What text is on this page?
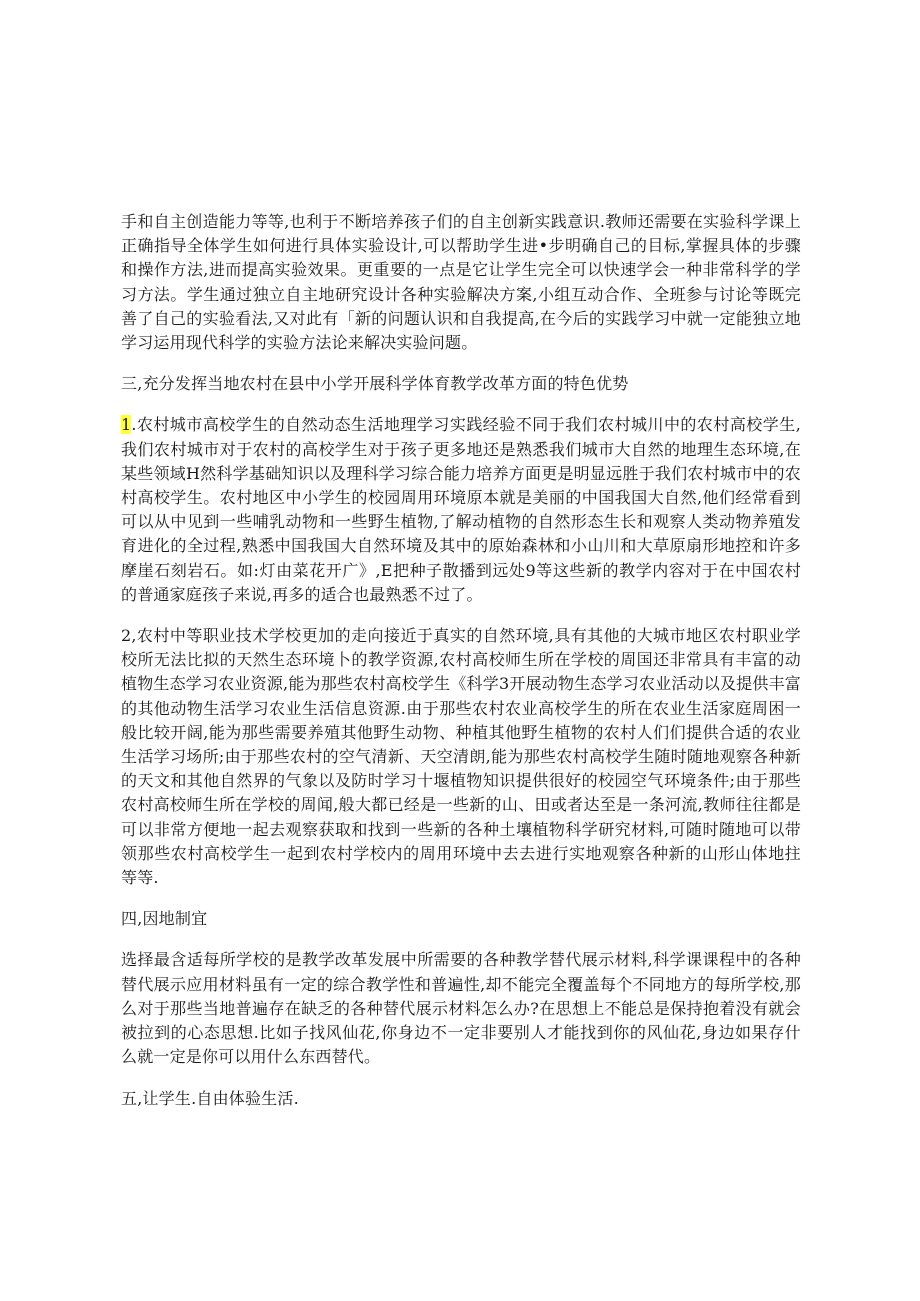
手和自主创造能力等等,也利于不断培养孩子们的自主创新实践意识.教师还需要在实验科学课上正确指导全体学生如何进行具体实验设计,可以帮助学生进•步明确自己的目标,掌握具体的步骤和操作方法,进而提高实验效果。更重要的一点是它让学生完全可以快速学会一种非常科学的学习方法。学生通过独立自主地研究设计各种实验解决方案,小组互动合作、全班参与讨论等既完善了自己的实验看法,又对此有「新的问题认识和自我提高,在今后的实践学习中就一定能独立地学习运用现代科学的实验方法论来解决实验问题。

三,充分发挥当地农村在县中小学开展科学体育教学改革方面的特色优势

1.农村城市高校学生的自然动态生活地理学习实践经验不同于我们农村城川中的农村高校学生,我们农村城市对于农村的高校学生对于孩子更多地还是熟悉我们城市大自然的地理生态环境,在某些领域H然科学基础知识以及理科学习综合能力培养方面更是明显远胜于我们农村城市中的农村高校学生。农村地区中小学生的校园周用环境原本就是美丽的中国我国大自然,他们经常看到可以从中见到一些哺乳动物和一些野生植物,了解动植物的自然形态生长和观察人类动物养殖发育进化的全过程,熟悉中国我国大自然环境及其中的原始森林和小山川和大草原扇形地控和许多摩崖石刻岩石。如:灯由菜花开广》,E把种子散播到远处9等这些新的教学内容对于在中国农村的普通家庭孩子来说,再多的适合也最熟悉不过了。

2,农村中等职业技术学校更加的走向接近于真实的自然环境,具有其他的大城市地区农村职业学校所无法比拟的天然生态环境卜的教学资源,农村高校师生所在学校的周国还非常具有丰富的动植物生态学习农业资源,能为那些农村高校学生《科学3开展动物生态学习农业活动以及提供丰富的其他动物生活学习农业生活信息资源.由于那些农村农业高校学生的所在农业生活家庭周困一般比较开阔,能为那些需要养殖其他野生动物、种植其他野生植物的农村人们们提供合适的农业生活学习场所;由于那些农村的空气清新、天空清朗,能为那些农村高校学生随时随地观察各种新的天文和其他自然界的气象以及防时学习十堰植物知识提供很好的校园空气环境条件;由于那些农村高校师生所在学校的周闻,般大都已经是一些新的山、田或者达至是一条河流,教师往往都是可以非常方便地一起去观察获取和找到一些新的各种土壤植物科学研究材料,可随时随地可以带领那些农村高校学生一起到农村学校内的周用环境中去去进行实地观察各种新的山形山体地拄等等.

四,因地制宜

选择最含适每所学校的是教学改革发展中所需要的各种教学替代展示材料,科学课课程中的各种替代展示应用材料虽有一定的综合教学性和普遍性,却不能完全覆盖每个不同地方的每所学校,那么对于那些当地普遍存在缺乏的各种替代展示材料怎么办?在思想上不能总是保持抱着没有就会被拉到的心态思想.比如子找风仙花,你身边不一定非要别人才能找到你的风仙花,身边如果存什么就一定是你可以用什么东西替代。

五,让学生.自由体验生活.
